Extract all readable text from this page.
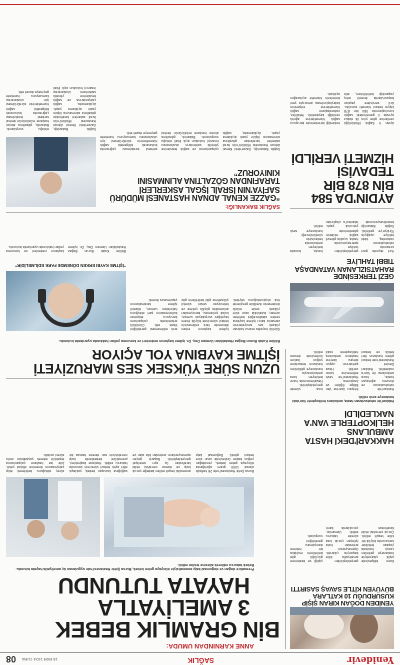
Yenidevir
SAĞLIK
18 EKİM 2024 CUMA
08
ANNE KARNINDAN UMUDA:
BİN GRAMLIK BEBEK
3 AMELİYATLA
HAYATA TUTUNDU
Prematüre doğan ve doğumsal kalp anomalisiyle dünyaya gelen bebek, Bursa Şehir Hastanesi'nde uygulanan üç ameliyatla hayata tutundu. Bebek taburcu edilerek ailesine teslim edildi.
YENİDEN DOĞAN KIRAN ŞİŞİP KUSURDUĞU 10 KATLARA BÜYÜYEN KİTLE SAVAŞ SASIRTTI
Karın bölgesinde şişlik şikayetiyle hastaneye getirilen çocuk hastada yapılan tetkikler sonucunda büyük bir kitle tespit edildi. Çocuk cerrahisi ekibi tarafından gerçekleştirilen ameliyatla kitle başarıyla çıkarıldı. Operasyonun ardından hızla iyileşen çocuk kısa sürede taburcu edildi. Uzmanlar, çocuklarda karın şişliği ve beslenme güçlüğü gibi belirtilerin mutlaka bir hekime danışılması gerektiğini vurguladı.
Bursa Şehir Hastanesi'nde 26 haftalık olarak 1000 gram ağırlığında dünyaya gelen bebek, yenidoğan yoğun bakım ünitesinde uzun süre tedavi gördü. Doğumsal kalp anomalisi tespit edilen bebeğe çocuk kalp ve damar cerrahisi ekibi tarafından üç ayrı ameliyat gerçekleştirildi. Başarılı geçen operasyonların ardından kilo alan ve sağlığına kavuşan bebek, yaklaşık dört aylık tedavi sürecinin sonunda taburcu edildi. Hastane başhekimi, prematüre bebeklerde kalp cerrahisinin son derece hassas bir süreç olduğunu belirterek ekip çalışmasının önemine dikkat çekti. Aile ise hastane çalışanlarına teşekkür ederek yaşadıkları zorlu süreci anlattı.
HAKKARİ'DEKİ HASTA AMBULANS HELİKOPTERLE VAN'A NAKLEDİLDİ
Hakkari'de rahatsızlanan hasta, ambulans helikopterle Van'daki hastaneye sevk edildi.
Hakkari'de rahatsızlanan ve durumu ağırlaşan hasta, hava ambulansı ile Van'a nakledildi. Hakkari Devlet Hastanesi'nde tedavi gören hastanın ileri tetkik ve tedavi ihtiyacı üzerine Van Bölge Eğitim ve Araştırma Hastanesi'ne sevk edilmesine karar verildi. Hava şartlarının uygun olması üzerine hastanın ambulans helikopterle nakli kısa sürede gerçekleştirildi. Havalimanında hazır bekleyen kara ambulansıyla hastaneye götürülen hastanın tedavisine yoğun bakım ünitesinde devam edildi.
UZUN SÜRE YÜKSEK SES MARUZİYETİ İŞİTME KAYBINA YOL AÇIYOR
Bölüm Kulak Burun Boğaz Hastalıkları Uzmanı Doç. Dr. işitme kaybının nedenleri ve korunma yolları hakkında uyarılarda bulundu.
Günlük hayatta maruz kalınan yüksek ses seviyelerinin zamanla kalıcı işitme kaybına neden olabileceğini belirten uzman, kulaklıkla uzun süre yüksek sesle müzik dinlemenin özellikle gençlerde risk oluşturduğunu söyledi. İşitme kaybının erken dönemde fark edilmesinin tedavi sürecinde büyük önem taşıdığını vurgulayan uzman, kulak çınlaması, konuşmaları anlamakta güçlük çekme ve televizyon sesini sürekli yükseltme gibi belirtilerin göz ardı edilmemesi gerektiğini ifade etti. Gürültülü ortamlarda çalışanların koruyucu ekipman kullanmasının şart olduğunu hatırlatan uzman, düzenli işitme taramalarının yapılmasını önerdi.
“İŞİTME KAYBI ERKEN DÖNEMDE FARK EDİLMELİDİR”
Bölüm Kulak Burun Boğaz Hastalıkları Uzmanı Doç. Dr. işitme kaybının nedenleri ve korunma yolları hakkında uyarılarda bulundu.
GEZİ TERKESİNDE RAHATSIZLANAN VATANDAŞA TIBBİ TAHLİYE
Yurt dışında gezi sırasında rahatsızlanan vatandaş, tıbbi tahliye uçağıyla Türkiye'ye getirildi. Sağlık Bakanlığı koordinasyonunda gerçekleştirilen tahliye operasyonunda hasta, uçakta görevli sağlık ekibinin gözetiminde yolculuk yaptı. İstanbul'a ulaştırılan hasta, burada bekleyen ambulansla tedavisinin sürdürüleceği hastaneye sevk edildi.
SAĞLIK BAKANLIĞI:
“GAZZE KENAL ADNAN HASTANESİ MÜDÜRÜ SAFİYA'NIN İSRAİL İŞGAL ASKERLERİ TARAFINDAN GÖZALTINA ALINMASINI KINIYORUZ”
Sağlık Bakanlığı, Gazze'deki Kemal Adnan Hastanesi Müdürü'nün İsrail askerleri tarafından gözaltına alınmasına ilişkin yazılı açıklama yaptı. Açıklamada, sağlık çalışanlarına ve sağlık tesislerine yönelik saldırıların uluslararası insancıl hukukun açık ihlali olduğu vurgulandı. Bakanlık, gözaltına alınan hastane müdürünün derhal serbest bırakılması çağrısında bulunarak bölgedeki sağlık hizmetlerinin sürdürülmesi için uluslararası kamuoyunu harekete geçmeye davet etti.
AYDIN'DA 584 BİN 878 BİR TEDAVİSİ HİZMETİ VERİLDİ
Aydın İl Sağlık Müdürlüğü verilerine göre yılın ilk dokuz ayında il genelindeki sağlık kuruluşlarında 584 bin 878 kişiye tedavi hizmeti sunuldu. Acil servislere yapılan başvurularda önemli artış yaşandığı belirtilirken, aile hekimliği birimlerinde koruyucu sağlık hizmetlerine ağırlık verildiği kaydedildi. Yetkililer, vatandaşların sağlık hizmetlerine erişiminin kolaylaştırılması amacıyla yeni birimlerin hizmete açılacağını açıkladı.
Sağlık Bakanlığı, Gazze'deki Kemal Adnan Hastanesi Müdürü'nün İsrail askerleri tarafından gözaltına alınmasına ilişkin yazılı açıklama yaptı. Açıklamada, sağlık çalışanlarına ve sağlık tesislerine yönelik saldırıların uluslararası insancıl hukukun açık ihlali olduğu vurgulandı. Bakanlık, gözaltına alınan hastane müdürünün derhal serbest bırakılması çağrısında bulunarak bölgedeki sağlık hizmetlerinin sürdürülmesi için uluslararası kamuoyunu harekete geçmeye davet etti.
